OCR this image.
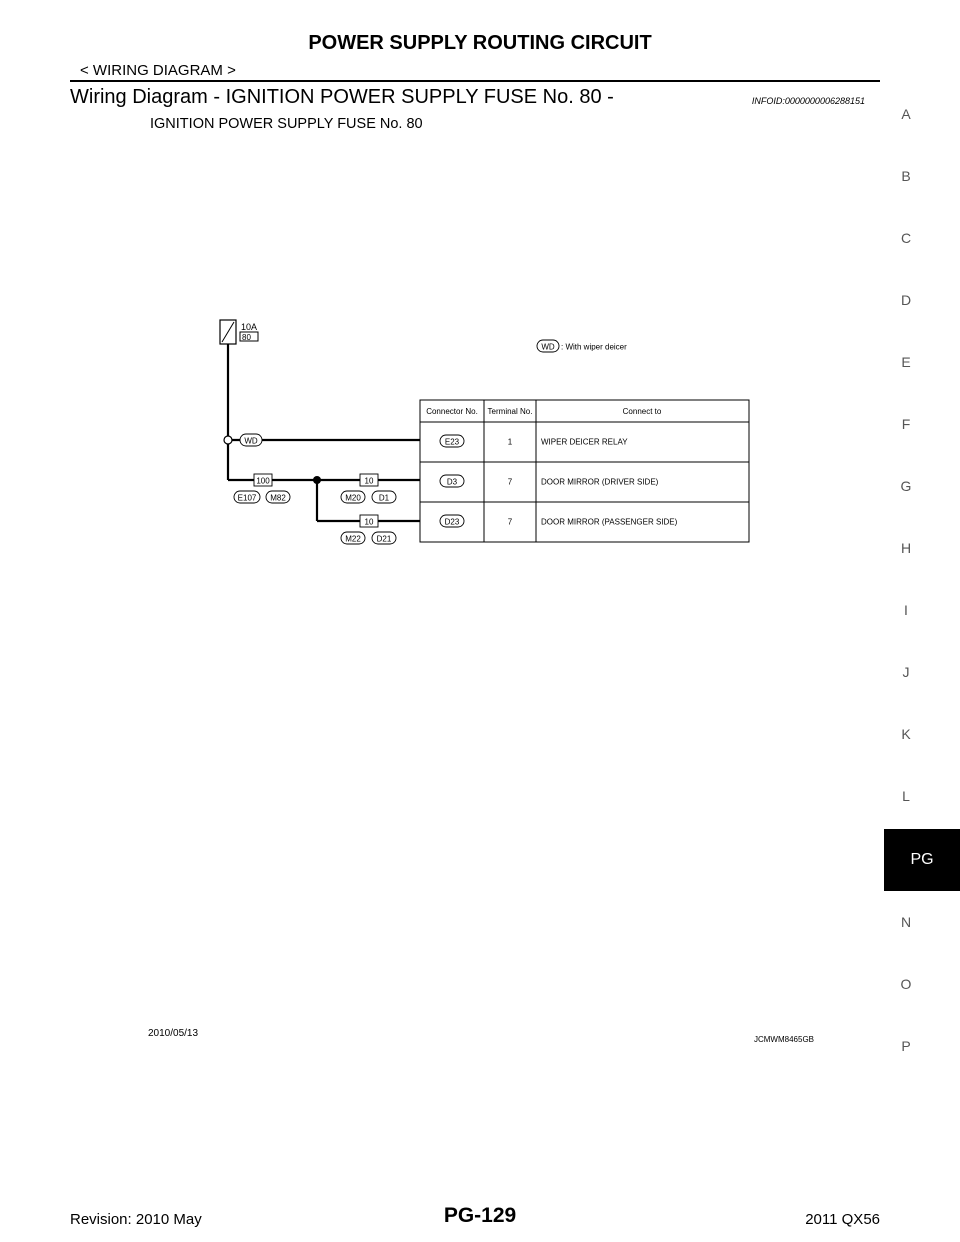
POWER SUPPLY ROUTING CIRCUIT
< WIRING DIAGRAM >
Wiring Diagram - IGNITION POWER SUPPLY FUSE No. 80 -	INFOID:0000000006288151
IGNITION POWER SUPPLY FUSE No. 80
10A
80
WD : With wiper deicer
WD
100
E107 M82
10
M20 D1
10
M22 D21
Connector No. Terminal No.	Connect to
E23	1	WIPER DEICER RELAY
D3	7	DOOR MIRROR (DRIVER SIDE)
D23	7	DOOR MIRROR (PASSENGER SIDE)
2010/05/13
JCMWM8465GB
A
B
C
D
E
F
G
H
I
J
K
L
PG
N
O
P
PG-129
Revision: 2010 May	2011 QX56
